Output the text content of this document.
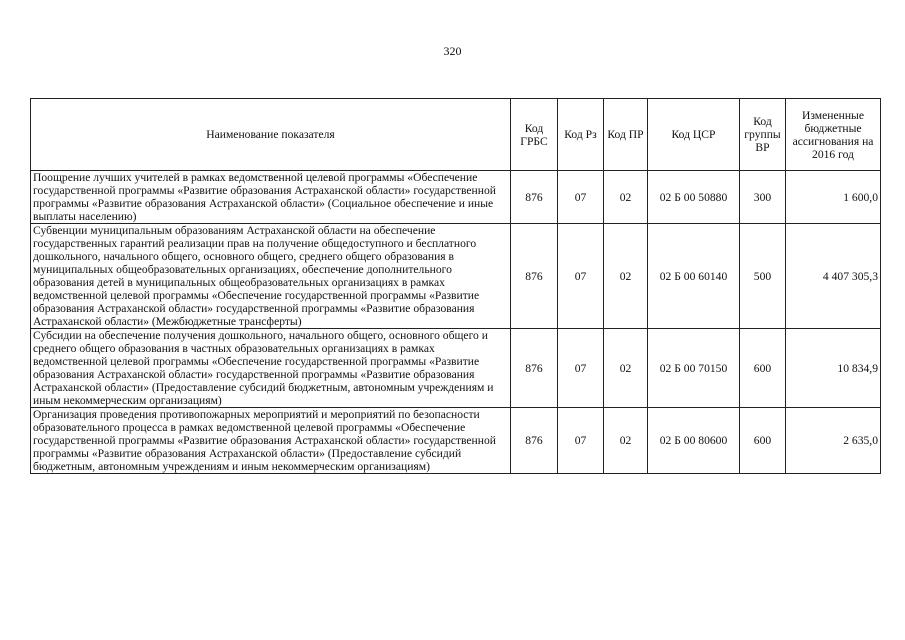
320
Наименование показателя	Код ГРБС	Код Рз	Код ПР	Код ЦСР	Код группы ВР	Измененные бюджетные ассигнования на 2016 год
Поощрение лучших учителей в рамках ведомственной целевой программы «Обеспечение государственной программы «Развитие образования Астраханской области» государственной программы «Развитие образования Астраханской области» (Социальное обеспечение и иные выплаты населению)	876	07	02	02 Б 00 50880	300	1 600,0
Субвенции муниципальным образованиям Астраханской области на обеспечение государственных гарантий реализации прав на получение общедоступного и бесплатного дошкольного, начального общего, основного общего, среднего общего образования в муниципальных общеобразовательных организациях, обеспечение дополнительного образования детей в муниципальных общеобразовательных организациях в рамках ведомственной целевой программы «Обеспечение государственной программы «Развитие образования Астраханской области» государственной программы «Развитие образования Астраханской области» (Межбюджетные трансферты)	876	07	02	02 Б 00 60140	500	4 407 305,3
Субсидии на обеспечение получения дошкольного, начального общего, основного общего и среднего общего образования в частных образовательных организациях в рамках ведомственной целевой программы «Обеспечение государственной программы «Развитие образования Астраханской области» государственной программы «Развитие образования Астраханской области» (Предоставление субсидий бюджетным, автономным учреждениям и иным некоммерческим организациям)	876	07	02	02 Б 00 70150	600	10 834,9
Организация проведения противопожарных мероприятий и мероприятий по безопасности образовательного процесса в рамках ведомственной целевой программы «Обеспечение государственной программы «Развитие образования Астраханской области» государственной программы «Развитие образования Астраханской области» (Предоставление субсидий бюджетным, автономным учреждениям и иным некоммерческим организациям)	876	07	02	02 Б 00 80600	600	2 635,0
